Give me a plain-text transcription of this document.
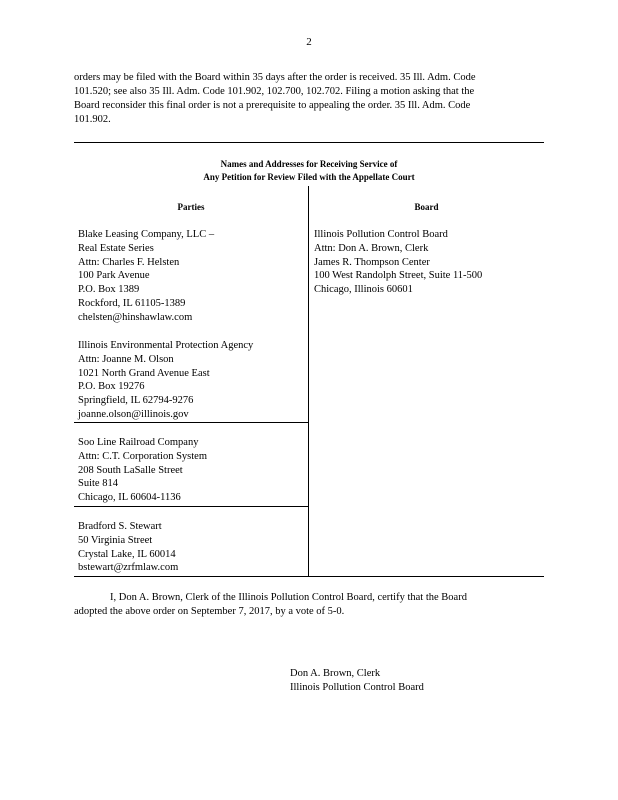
2

orders may be filed with the Board within 35 days after the order is received. 35 Ill. Adm. Code

101.520; see also 35 Ill. Adm. Code 101.902, 102.700, 102.702. Filing a motion asking that the

Board reconsider this final order is not a prerequisite to appealing the order. 35 Ill. Adm. Code

101.902.

Names and Addresses for Receiving Service of
Any Petition for Review Filed with the Appellate Court
Parties	Board
Blake Leasing Company, LLC –
Real Estate Series
Attn: Charles F. Helsten
100 Park Avenue
P.O. Box 1389
Rockford, IL 61105-1389
chelsten@hinshawlaw.com
Illinois Environmental Protection Agency
Attn: Joanne M. Olson
1021 North Grand Avenue East
P.O. Box 19276
Springfield, IL 62794-9276
joanne.olson@illinois.gov
Soo Line Railroad Company
Attn: C.T. Corporation System
208 South LaSalle Street
Suite 814
Chicago, IL 60604-1136
Bradford S. Stewart
50 Virginia Street
Crystal Lake, IL 60014
bstewart@zrfmlaw.com
Illinois Pollution Control Board
Attn: Don A. Brown, Clerk
James R. Thompson Center
100 West Randolph Street, Suite 11-500
Chicago, Illinois 60601

I, Don A. Brown, Clerk of the Illinois Pollution Control Board, certify that the Board

adopted the above order on September 7, 2017, by a vote of 5-0.

Don A. Brown, Clerk
Illinois Pollution Control Board
